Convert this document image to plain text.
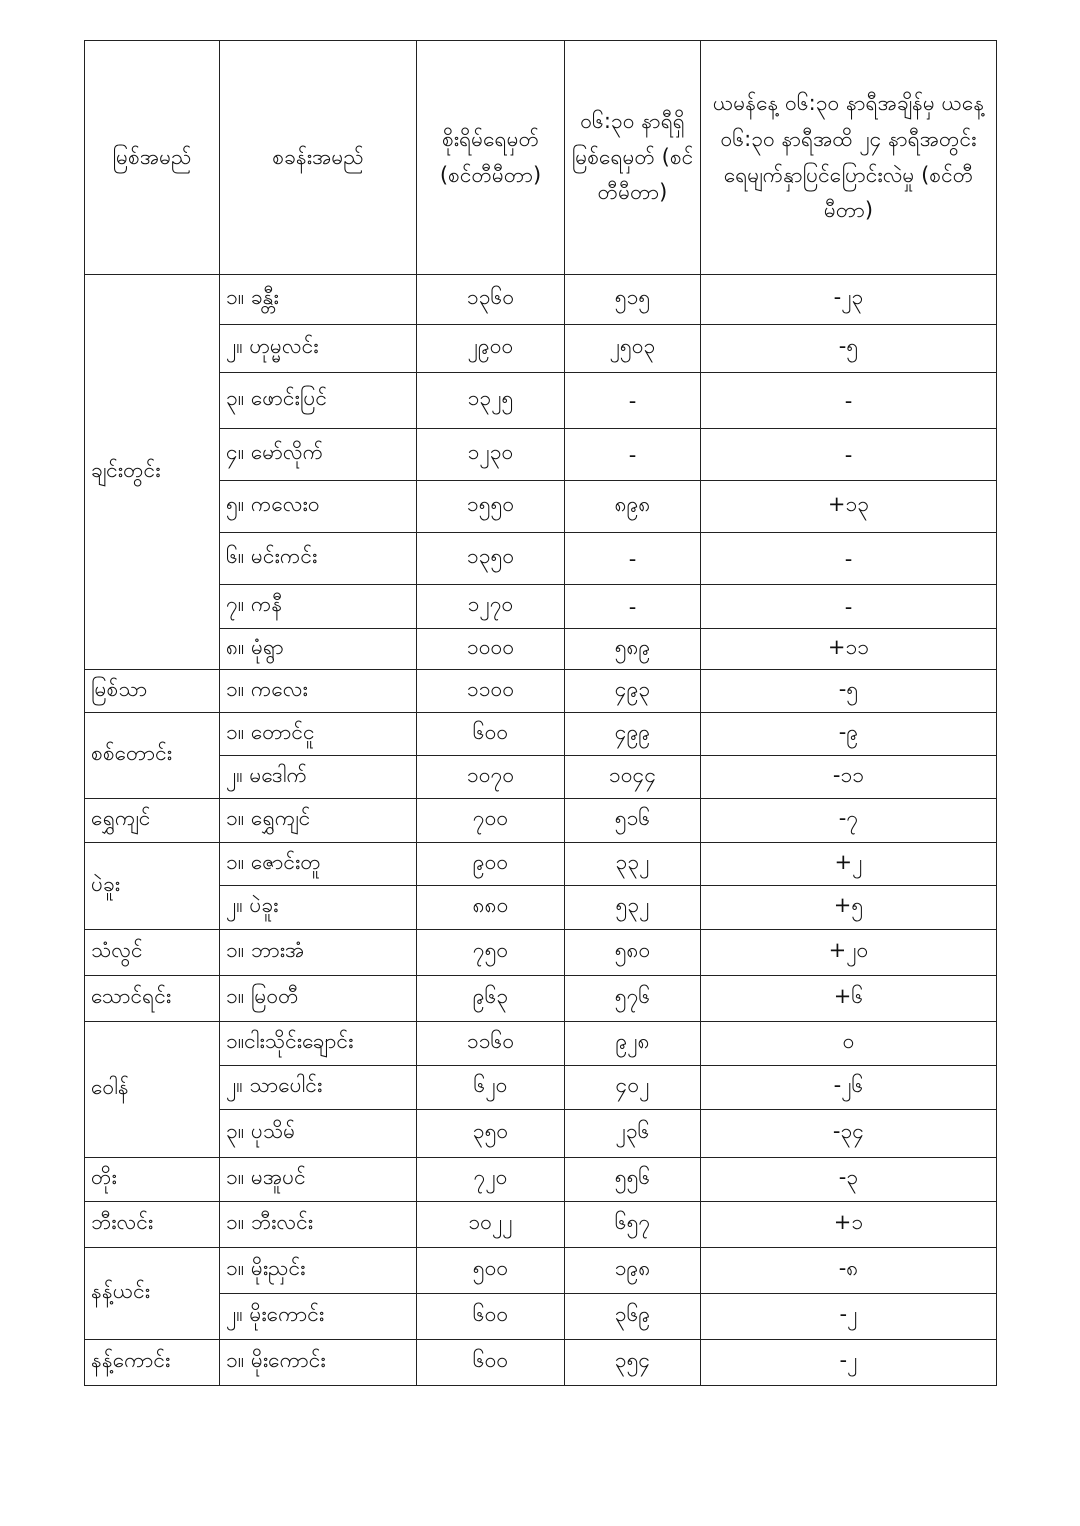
မြစ်အမည်	စခန်းအမည်	စိုးရိမ်ရေမှတ် (စင်တီမီတာ)	၀၆:၃၀ နာရီရှိ မြစ်ရေမှတ် (စင်တီမီတာ)	ယမန်နေ့ ၀၆:၃၀ နာရီအချိန်မှ ယနေ့ ၀၆:၃၀ နာရီအထိ ၂၄ နာရီအတွင်း ရေမျက်နှာပြင်ပြောင်းလဲမှု (စင်တီမီတာ)
ချင်းတွင်း	၁။ ခန္တီး	၁၃၆၀	၅၁၅	-၂၃
	၂။ ဟုမ္မလင်း	၂၉၀၀	၂၅၀၃	-၅
	၃။ ဖောင်းပြင်	၁၃၂၅	-	-
	၄။ မော်လိုက်	၁၂၃၀	-	-
	၅။ ကလေးဝ	၁၅၅၀	၈၉၈	+၁၃
	၆။ မင်းကင်း	၁၃၅၀	-	-
	၇။ ကနီ	၁၂၇၀	-	-
	၈။ မုံရွာ	၁၀၀၀	၅၈၉	+၁၁
မြစ်သာ	၁။ ကလေး	၁၁၀၀	၄၉၃	-၅
စစ်တောင်း	၁။ တောင်ငူ	၆၀၀	၄၉၉	-၉
	၂။ မဒေါက်	၁၀၇၀	၁၀၄၄	-၁၁
ရွှေကျင်	၁။ ရွှေကျင်	၇၀၀	၅၁၆	-၇
ပဲခူး	၁။ ဇောင်းတူ	၉၀၀	၃၃၂	+၂
	၂။ ပဲခူး	၈၈၀	၅၃၂	+၅
သံလွင်	၁။ ဘားအံ	၇၅၀	၅၈၀	+၂၀
သောင်ရင်း	၁။ မြဝတီ	၉၆၃	၅၇၆	+၆
ဝေါန်	၁။ငါးသိုင်းချောင်း	၁၁၆၀	၉၂၈	၀
	၂။ သာပေါင်း	၆၂၀	၄၀၂	-၂၆
	၃။ ပုသိမ်	၃၅၀	၂၃၆	-၃၄
တိုး	၁။ မအူပင်	၇၂၀	၅၅၆	-၃
ဘီးလင်း	၁။ ဘီးလင်း	၁၀၂၂	၆၅၇	+၁
နန့်ယင်း	၁။ မိုးညှင်း	၅၀၀	၁၉၈	-၈
	၂။ မိုးကောင်း	၆၀၀	၃၆၉	-၂
နန့်ကောင်း	၁။ မိုးကောင်း	၆၀၀	၃၅၄	-၂
